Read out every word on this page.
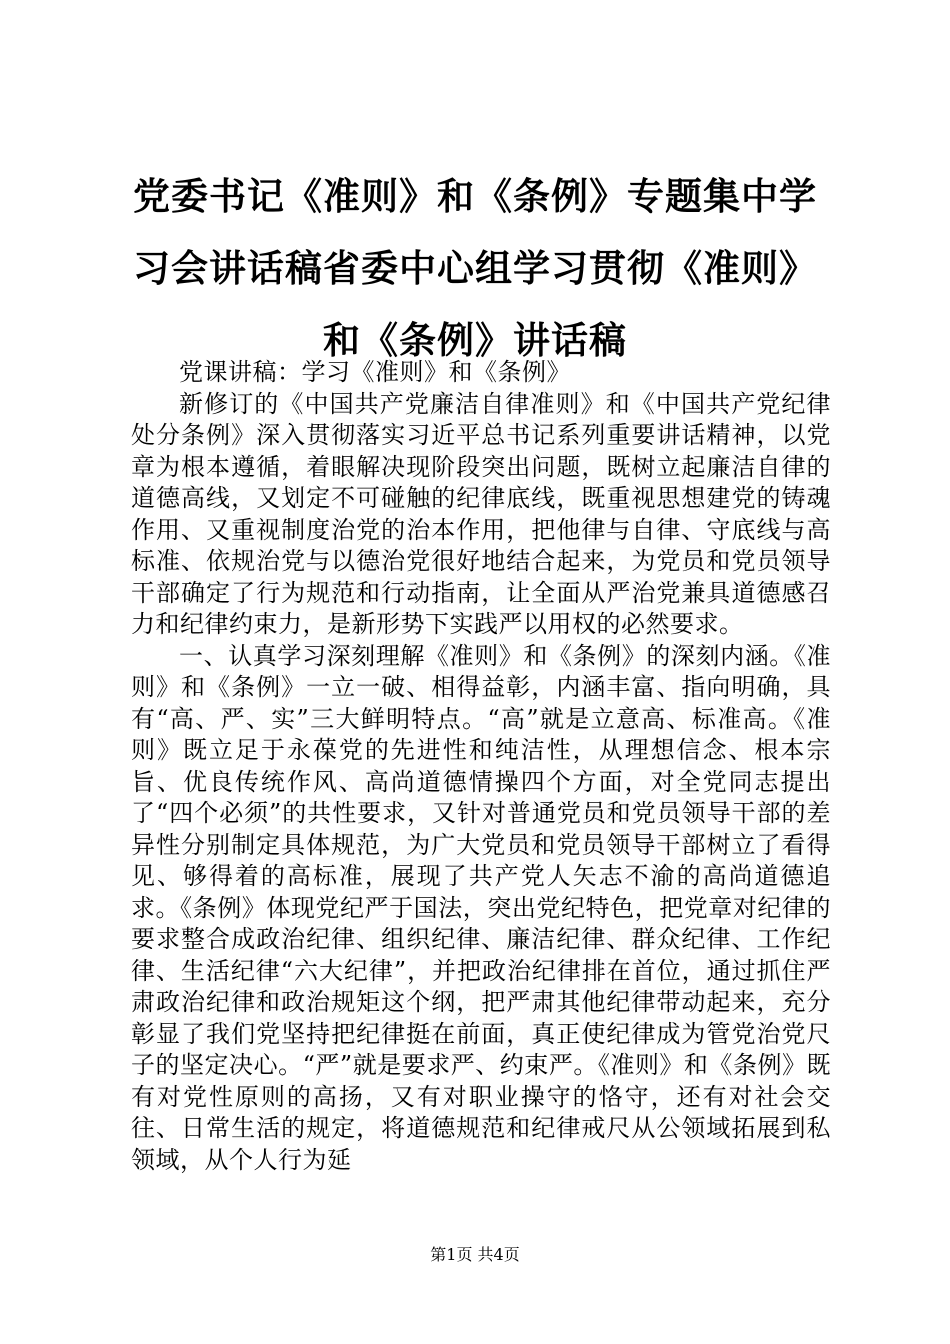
党委书记《准则》和《条例》专题集中学习会讲话稿省委中心组学习贯彻《准则》和《条例》讲话稿

党课讲稿：学习《准则》和《条例》

新修订的《中国共产党廉洁自律准则》和《中国共产党纪律处分条例》深入贯彻落实习近平总书记系列重要讲话精神，以党章为根本遵循，着眼解决现阶段突出问题，既树立起廉洁自律的道德高线，又划定不可碰触的纪律底线，既重视思想建党的铸魂作用、又重视制度治党的治本作用，把他律与自律、守底线与高标准、依规治党与以德治党很好地结合起来，为党员和党员领导干部确定了行为规范和行动指南，让全面从严治党兼具道德感召力和纪律约束力，是新形势下实践严以用权的必然要求。

一、认真学习深刻理解《准则》和《条例》的深刻内涵。《准则》和《条例》一立一破、相得益彰，内涵丰富、指向明确，具有“高、严、实”三大鲜明特点。“高”就是立意高、标准高。《准则》既立足于永葆党的先进性和纯洁性，从理想信念、根本宗旨、优良传统作风、高尚道德情操四个方面，对全党同志提出了“四个必须”的共性要求，又针对普通党员和党员领导干部的差异性分别制定具体规范，为广大党员和党员领导干部树立了看得见、够得着的高标准，展现了共产党人矢志不渝的高尚道德追求。《条例》体现党纪严于国法，突出党纪特色，把党章对纪律的要求整合成政治纪律、组织纪律、廉洁纪律、群众纪律、工作纪律、生活纪律“六大纪律”，并把政治纪律排在首位，通过抓住严肃政治纪律和政治规矩这个纲，把严肃其他纪律带动起来，充分彰显了我们党坚持把纪律挺在前面，真正使纪律成为管党治党尺子的坚定决心。“严”就是要求严、约束严。《准则》和《条例》既有对党性原则的高扬，又有对职业操守的恪守，还有对社会交往、日常生活的规定，将道德规范和纪律戒尺从公领域拓展到私领域，从个人行为延

第1页 共4页
